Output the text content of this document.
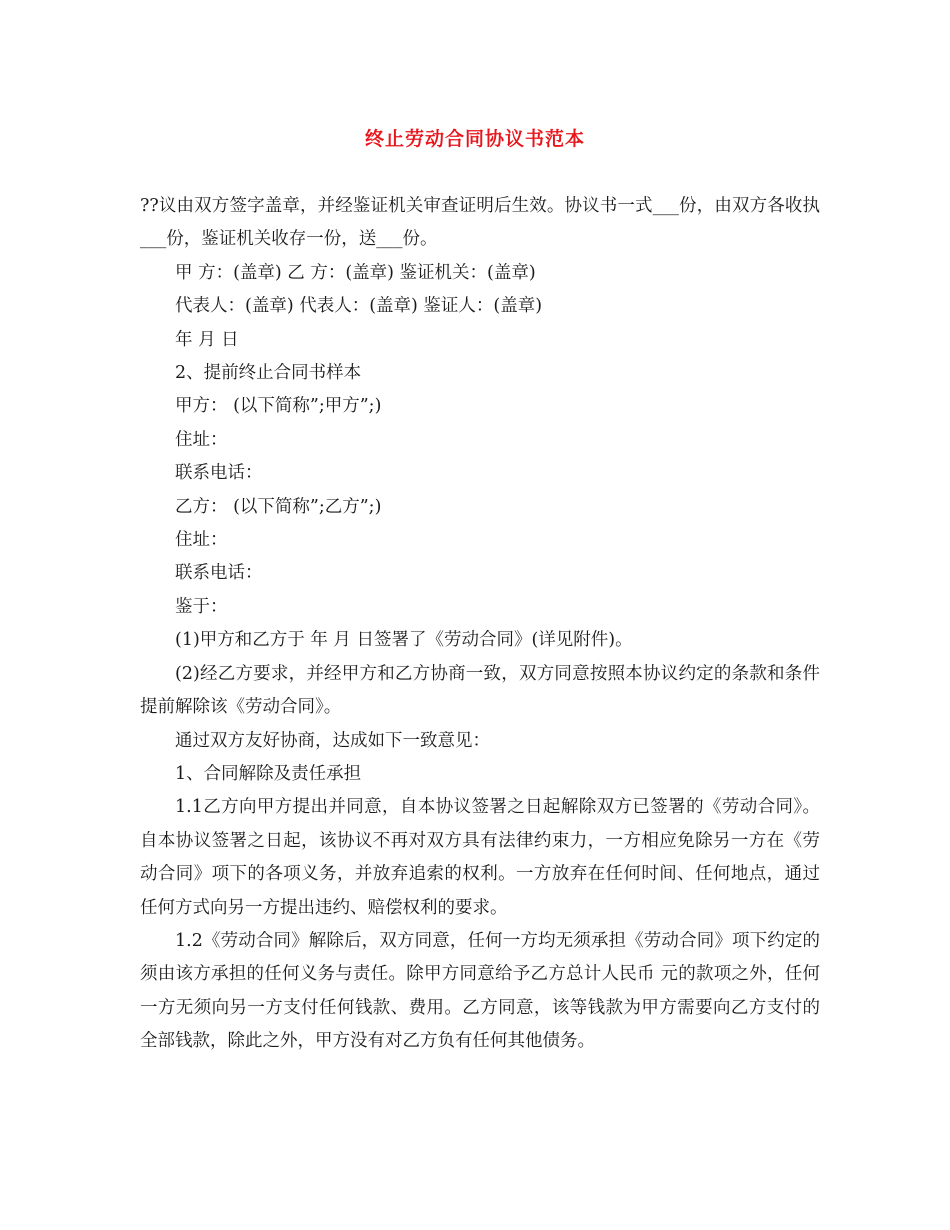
终止劳动合同协议书范本

??议由双方签字盖章，并经鉴证机关审查证明后生效。协议书一式___份，由双方各收执___份，鉴证机关收存一份，送___份。

甲 方：(盖章) 乙 方：(盖章) 鉴证机关：(盖章)

代表人：(盖章) 代表人：(盖章) 鉴证人：(盖章)

年 月 日

2、提前终止合同书样本

甲方： (以下简称”;甲方”;)

住址：

联系电话：

乙方： (以下简称”;乙方”;)

住址：

联系电话：

鉴于：

(1)甲方和乙方于 年 月 日签署了《劳动合同》(详见附件)。

(2)经乙方要求，并经甲方和乙方协商一致，双方同意按照本协议约定的条款和条件提前解除该《劳动合同》。

通过双方友好协商，达成如下一致意见：

1、合同解除及责任承担

1.1乙方向甲方提出并同意，自本协议签署之日起解除双方已签署的《劳动合同》。自本协议签署之日起，该协议不再对双方具有法律约束力，一方相应免除另一方在《劳动合同》项下的各项义务，并放弃追索的权利。一方放弃在任何时间、任何地点，通过任何方式向另一方提出违约、赔偿权利的要求。

1.2《劳动合同》解除后，双方同意，任何一方均无须承担《劳动合同》项下约定的须由该方承担的任何义务与责任。除甲方同意给予乙方总计人民币 元的款项之外，任何一方无须向另一方支付任何钱款、费用。乙方同意，该等钱款为甲方需要向乙方支付的全部钱款，除此之外，甲方没有对乙方负有任何其他债务。
